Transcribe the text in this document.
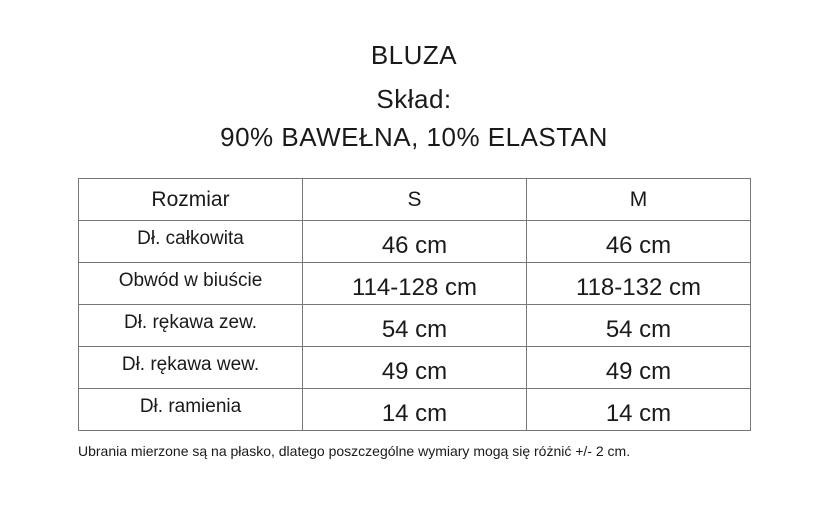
BLUZA
Skład:
90% BAWEŁNA, 10% ELASTAN
Rozmiar	S	M
Dł. całkowita	46 cm	46 cm
Obwód w biuście	114-128 cm	118-132 cm
Dł. rękawa zew.	54 cm	54 cm
Dł. rękawa wew.	49 cm	49 cm
Dł. ramienia	14 cm	14 cm
Ubrania mierzone są na płasko, dlatego poszczególne wymiary mogą się różnić +/- 2 cm.
